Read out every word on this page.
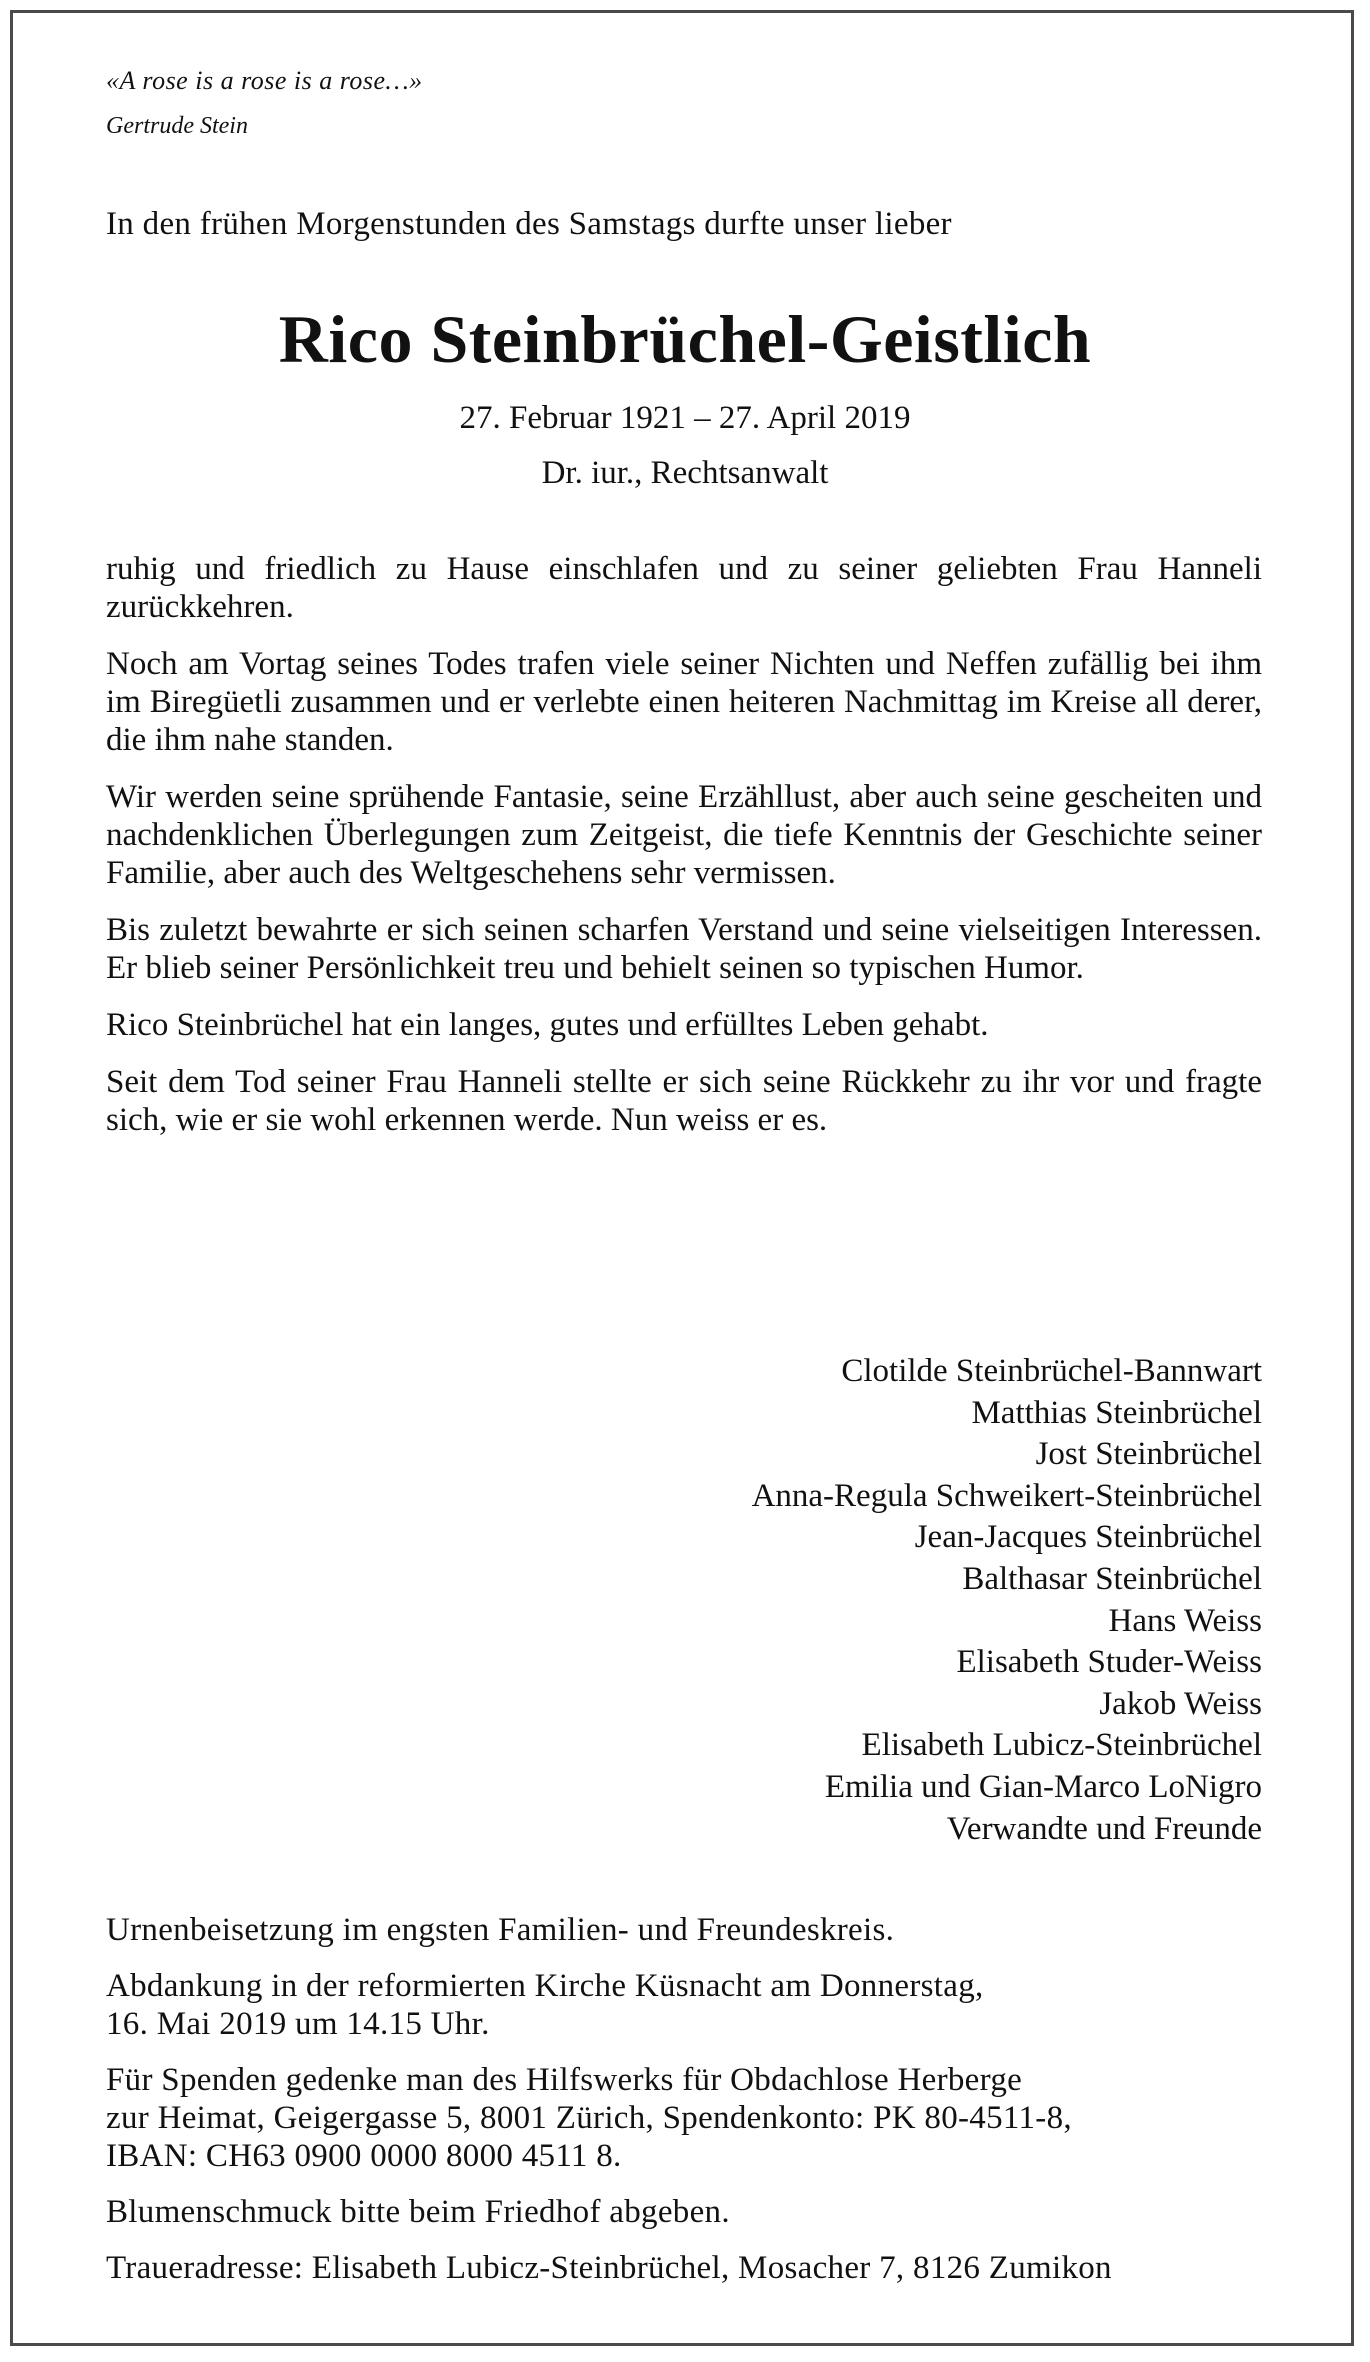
«A rose is a rose is a rose…»
Gertrude Stein
In den frühen Morgenstunden des Samstags durfte unser lieber
Rico Steinbrüchel-Geistlich
27. Februar 1921 – 27. April 2019
Dr. iur., Rechtsanwalt

ruhig und friedlich zu Hause einschlafen und zu seiner geliebten Frau Hanneli zurückkehren.

Noch am Vortag seines Todes trafen viele seiner Nichten und Neffen zufällig bei ihm im Biregüetli zusammen und er verlebte einen heiteren Nachmittag im Kreise all derer, die ihm nahe standen.

Wir werden seine sprühende Fantasie, seine Erzähllust, aber auch seine gescheiten und nachdenklichen Überlegungen zum Zeitgeist, die tiefe Kenntnis der Geschichte seiner Familie, aber auch des Weltgeschehens sehr vermissen.

Bis zuletzt bewahrte er sich seinen scharfen Verstand und seine vielseitigen Interessen. Er blieb seiner Persönlichkeit treu und behielt seinen so typischen Humor.

Rico Steinbrüchel hat ein langes, gutes und erfülltes Leben gehabt.

Seit dem Tod seiner Frau Hanneli stellte er sich seine Rückkehr zu ihr vor und fragte sich, wie er sie wohl erkennen werde. Nun weiss er es.

Clotilde Steinbrüchel-Bannwart
Matthias Steinbrüchel
Jost Steinbrüchel
Anna-Regula Schweikert-Steinbrüchel
Jean-Jacques Steinbrüchel
Balthasar Steinbrüchel
Hans Weiss
Elisabeth Studer-Weiss
Jakob Weiss
Elisabeth Lubicz-Steinbrüchel
Emilia und Gian-Marco LoNigro
Verwandte und Freunde

Urnenbeisetzung im engsten Familien- und Freundeskreis.

Abdankung in der reformierten Kirche Küsnacht am Donnerstag,
16. Mai 2019 um 14.15 Uhr.

Für Spenden gedenke man des Hilfswerks für Obdachlose Herberge
zur Heimat, Geigergasse 5, 8001 Zürich, Spendenkonto: PK 80-4511-8,
IBAN: CH63 0900 0000 8000 4511 8.

Blumenschmuck bitte beim Friedhof abgeben.

Traueradresse: Elisabeth Lubicz-Steinbrüchel, Mosacher 7, 8126 Zumikon
